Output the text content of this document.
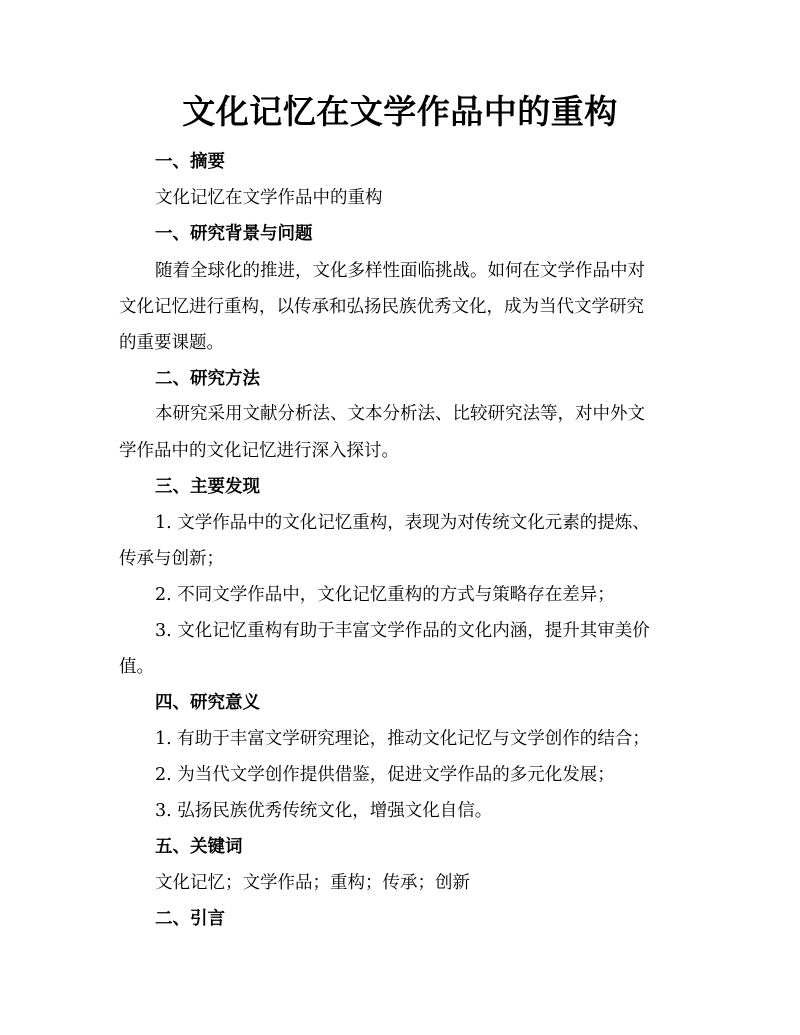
文化记忆在文学作品中的重构
一、摘要
文化记忆在文学作品中的重构
一、研究背景与问题
随着全球化的推进，文化多样性面临挑战。如何在文学作品中对
文化记忆进行重构，以传承和弘扬民族优秀文化，成为当代文学研究
的重要课题。
二、研究方法
本研究采用文献分析法、文本分析法、比较研究法等，对中外文
学作品中的文化记忆进行深入探讨。
三、主要发现
1. 文学作品中的文化记忆重构，表现为对传统文化元素的提炼、
传承与创新；
2. 不同文学作品中，文化记忆重构的方式与策略存在差异；
3. 文化记忆重构有助于丰富文学作品的文化内涵，提升其审美价
值。
四、研究意义
1. 有助于丰富文学研究理论，推动文化记忆与文学创作的结合；
2. 为当代文学创作提供借鉴，促进文学作品的多元化发展；
3. 弘扬民族优秀传统文化，增强文化自信。
五、关键词
文化记忆；文学作品；重构；传承；创新
二、引言
